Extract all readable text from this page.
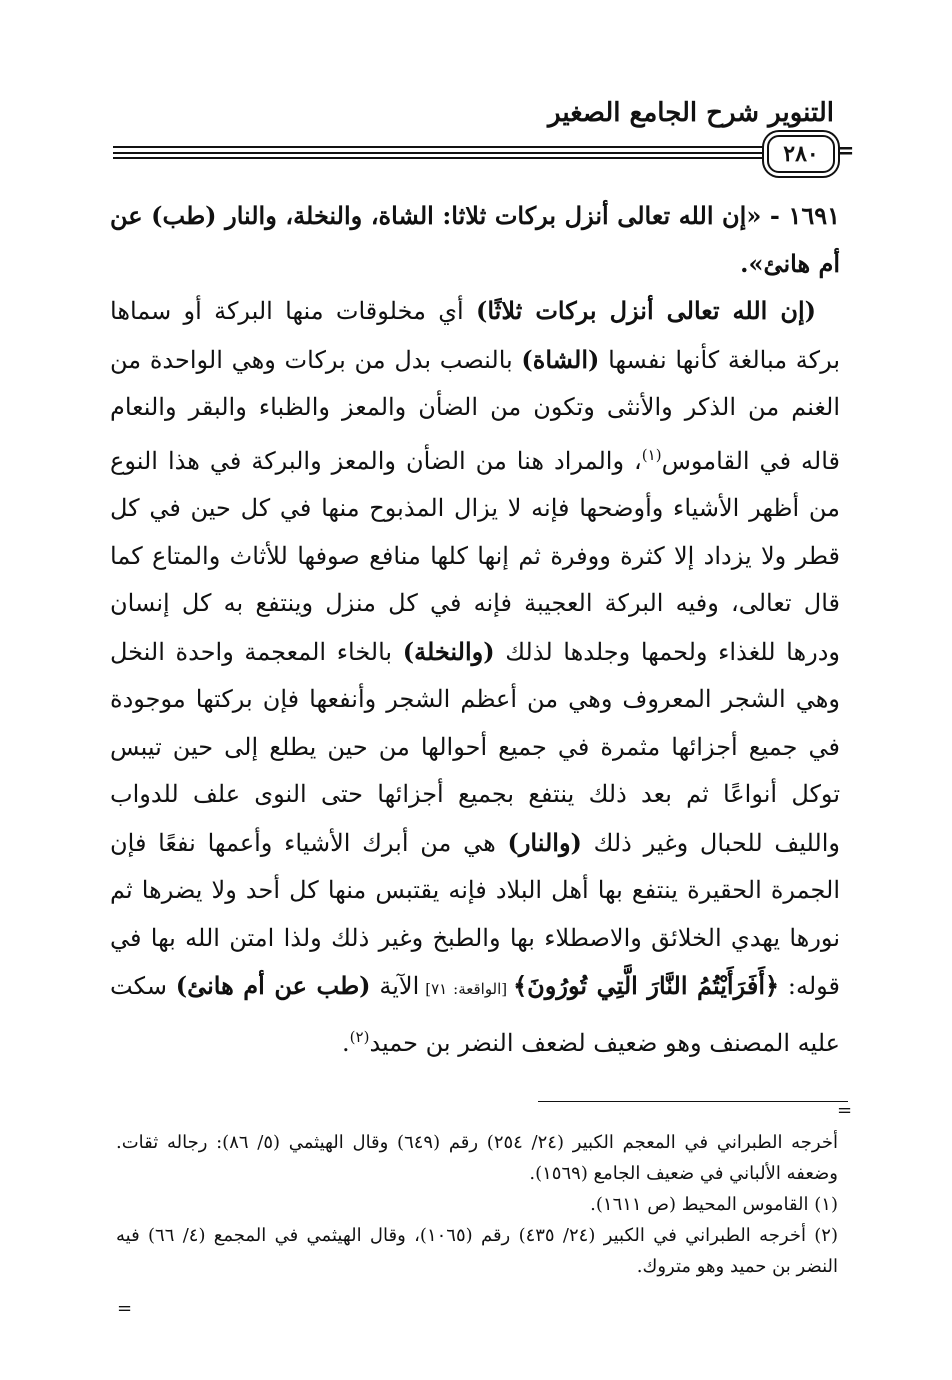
التنوير شرح الجامع الصغير
٢٨٠ =

١٦٩١ - «إن الله تعالى أنزل بركات ثلاثا: الشاة، والنخلة، والنار (طب) عن أم هانئ».

(إن الله تعالى أنزل بركات ثلاثًا) أي مخلوقات منها البركة أو سماها بركة مبالغة كأنها نفسها (الشاة) بالنصب بدل من بركات وهي الواحدة من الغنم من الذكر والأنثى وتكون من الضأن والمعز والظباء والبقر والنعام قاله في القاموس$^{(١)}$، والمراد هنا من الضأن والمعز والبركة في هذا النوع من أظهر الأشياء وأوضحها فإنه لا يزال المذبوح منها في كل حين في كل قطر ولا يزداد إلا كثرة ووفرة ثم إنها كلها منافع صوفها للأثاث والمتاع كما قال تعالى، وفيه البركة العجيبة فإنه في كل منزل وينتفع به كل إنسان ودرها للغذاء ولحمها وجلدها لذلك (والنخلة) بالخاء المعجمة واحدة النخل وهي الشجر المعروف وهي من أعظم الشجر وأنفعها فإن بركتها موجودة في جميع أجزائها مثمرة في جميع أحوالها من حين يطلع إلى حين تيبس توكل أنواعًا ثم بعد ذلك ينتفع بجميع أجزائها حتى النوى علف للدواب والليف للحبال وغير ذلك (والنار) هي من أبرك الأشياء وأعمها نفعًا فإن الجمرة الحقيرة ينتفع بها أهل البلاد فإنه يقتبس منها كل أحد ولا يضرها ثم نورها يهدي الخلائق والاصطلاء بها والطبخ وغير ذلك ولذا امتن الله بها في قوله: ﴿أَفَرَأَيْتُمُ النَّارَ الَّتِي تُورُونَ﴾ [الواقعة: ٧١] الآية (طب عن أم هانئ) سكت عليه المصنف وهو ضعيف لضعف النضر بن حميد$^{(٢)}$.

=

أخرجه الطبراني في المعجم الكبير (٢٤/ ٢٥٤) رقم (٦٤٩) وقال الهيثمي (٥/ ٨٦): رجاله ثقات. وضعفه الألباني في ضعيف الجامع (١٥٦٩).

(١) القاموس المحيط (ص ١٦١١).

(٢) أخرجه الطبراني في الكبير (٢٤/ ٤٣٥) رقم (١٠٦٥)، وقال الهيثمي في المجمع (٤/ ٦٦) فيه النضر بن حميد وهو متروك.

=
